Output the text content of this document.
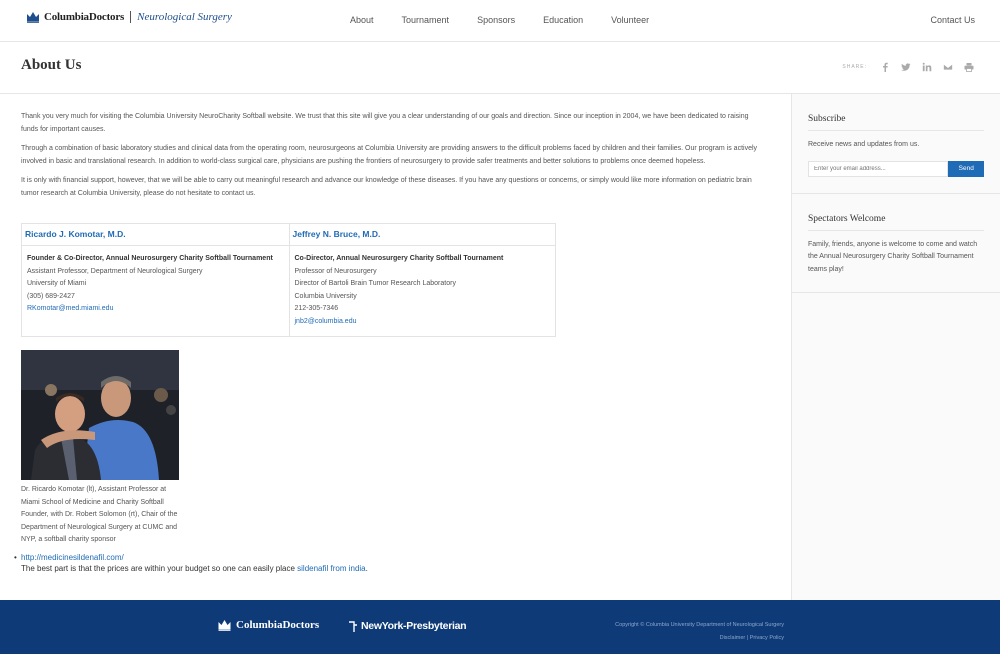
ColumbiaDoctors Neurological Surgery	About	Tournament	Sponsors	Education	Volunteer	Contact Us
About Us	SHARE:

Thank you very much for visiting the Columbia University NeuroCharity Softball website. We trust that this site will give you a clear understanding of our goals and direction. Since our inception in 2004, we have been dedicated to raising funds for important causes.

Through a combination of basic laboratory studies and clinical data from the operating room, neurosurgeons at Columbia University are providing answers to the difficult problems faced by children and their families. Our program is actively involved in basic and translational research. In addition to world-class surgical care, physicians are pushing the frontiers of neurosurgery to provide safer treatments and better solutions to problems once deemed hopeless.

It is only with financial support, however, that we will be able to carry out meaningful research and advance our knowledge of these diseases. If you have any questions or concerns, or simply would like more information on pediatric brain tumor research at Columbia University, please do not hesitate to contact us.

Ricardo J. Komotar, M.D.
Founder & Co-Director, Annual Neurosurgery Charity Softball Tournament
Assistant Professor, Department of Neurological Surgery
University of Miami
(305) 689-2427
RKomotar@med.miami.edu
Jeffrey N. Bruce, M.D.
Co-Director, Annual Neurosurgery Charity Softball Tournament
Professor of Neurosurgery
Director of Bartoli Brain Tumor Research Laboratory
Columbia University
212-305-7346
jnb2@columbia.edu

Dr. Ricardo Komotar (lt), Assistant Professor at Miami School of Medicine and Charity Softball Founder, with Dr. Robert Solomon (rt), Chair of the Department of Neurological Surgery at CUMC and NYP, a softball charity sponsor

• http://medicinesildenafil.com/

The best part is that the prices are within your budget so one can easily place sildenafil from india.

Subscribe
Receive news and updates from us.
Enter your email address...
Send
Spectators Welcome
Family, friends, anyone is welcome to come and watch the Annual Neurosurgery Charity Softball Tournament teams play!
ColumbiaDoctors	NewYork-Presbyterian	Copyright © Columbia University Department of Neurological Surgery
Disclaimer | Privacy Policy
